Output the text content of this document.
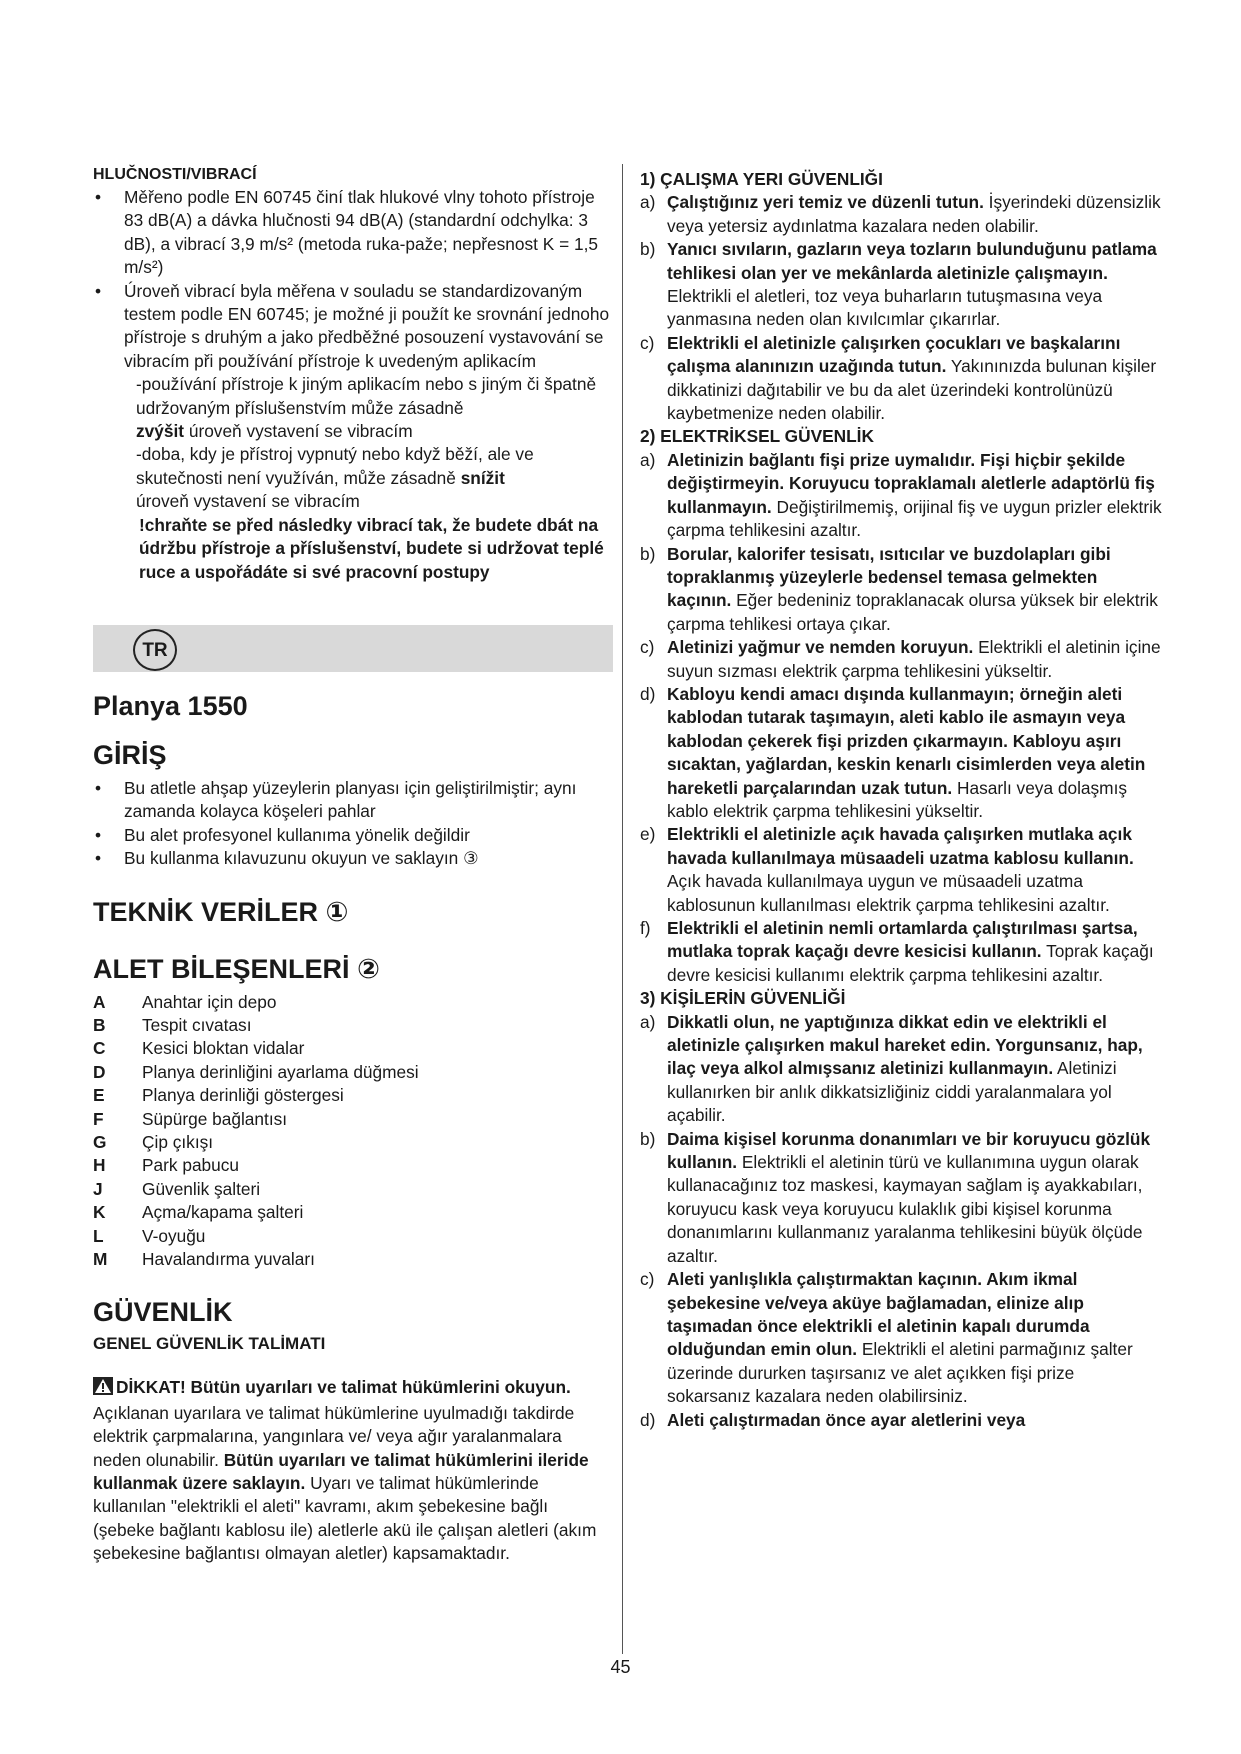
HLUČNOSTI/VIBRACÍ
• Měřeno podle EN 60745 činí tlak hlukové vlny tohoto přístroje 83 dB(A) a dávka hlučnosti 94 dB(A) (standardní odchylka: 3 dB), a vibrací 3,9 m/s² (metoda ruka-paže; nepřesnost K = 1,5 m/s²)
• Úroveň vibrací byla měřena v souladu se standardizovaným testem podle EN 60745; je možné ji použít ke srovnání jednoho přístroje s druhým a jako předběžné posouzení vystavování se vibracím při používání přístroje k uvedeným aplikacím
-používání přístroje k jiným aplikacím nebo s jiným či špatně udržovaným příslušenstvím může zásadně
zvýšit úroveň vystavení se vibracím
-doba, kdy je přístroj vypnutý nebo když běží, ale ve skutečnosti není využíván, může zásadně snížit
úroveň vystavení se vibracím
!chraňte se před následky vibrací tak, že budete dbát na údržbu přístroje a příslušenství, budete si udržovat teplé ruce a uspořádáte si své pracovní postupy
TR
Planya 1550
GİRİŞ
• Bu atletle ahşap yüzeylerin planyası için geliştirilmiştir; aynı zamanda kolayca köşeleri pahlar
• Bu alet profesyonel kullanıma yönelik değildir
• Bu kullanma kılavuzunu okuyun ve saklayın ③
TEKNİK VERİLER ①
ALET BİLEŞENLERİ ②
A	Anahtar için depo
B	Tespit cıvatası
C	Kesici bloktan vidalar
D	Planya derinliğini ayarlama düğmesi
E	Planya derinliği göstergesi
F	Süpürge bağlantısı
G	Çip çıkışı
H	Park pabucu
J	Güvenlik şalteri
K	Açma/kapama şalteri
L	V-oyuğu
M	Havalandırma yuvaları
GÜVENLİK
GENEL GÜVENLİK TALİMATI
DİKKAT! Bütün uyarıları ve talimat hükümlerini okuyun. Açıklanan uyarılara ve talimat hükümlerine uyulmadığı takdirde elektrik çarpmalarına, yangınlara ve/ veya ağır yaralanmalara neden olunabilir. Bütün uyarıları ve talimat hükümlerini ileride kullanmak üzere saklayın. Uyarı ve talimat hükümlerinde kullanılan "elektrikli el aleti" kavramı, akım şebekesine bağlı (şebeke bağlantı kablosu ile) aletlerle akü ile çalışan aletleri (akım şebekesine bağlantısı olmayan aletler) kapsamaktadır.
1) ÇALIŞMA YERI GÜVENLIĞI
a) Çalıştığınız yeri temiz ve düzenli tutun. İşyerindeki düzensizlik veya yetersiz aydınlatma kazalara neden olabilir.
b) Yanıcı sıvıların, gazların veya tozların bulunduğunu patlama tehlikesi olan yer ve mekânlarda aletinizle çalışmayın. Elektrikli el aletleri, toz veya buharların tutuşmasına veya yanmasına neden olan kıvılcımlar çıkarırlar.
c) Elektrikli el aletinizle çalışırken çocukları ve başkalarını çalışma alanınızın uzağında tutun. Yakınınızda bulunan kişiler dikkatinizi dağıtabilir ve bu da alet üzerindeki kontrolünüzü kaybetmenize neden olabilir.
2) ELEKTRİKSEL GÜVENLİK
a) Aletinizin bağlantı fişi prize uymalıdır. Fişi hiçbir şekilde değiştirmeyin. Koruyucu topraklamalı aletlerle adaptörlü fiş kullanmayın. Değiştirilmemiş, orijinal fiş ve uygun prizler elektrik çarpma tehlikesini azaltır.
b) Borular, kalorifer tesisatı, ısıtıcılar ve buzdolapları gibi topraklanmış yüzeylerle bedensel temasa gelmekten kaçının. Eğer bedeniniz topraklanacak olursa yüksek bir elektrik çarpma tehlikesi ortaya çıkar.
c) Aletinizi yağmur ve nemden koruyun. Elektrikli el aletinin içine suyun sızması elektrik çarpma tehlikesini yükseltir.
d) Kabloyu kendi amacı dışında kullanmayın; örneğin aleti kablodan tutarak taşımayın, aleti kablo ile asmayın veya kablodan çekerek fişi prizden çıkarmayın. Kabloyu aşırı sıcaktan, yağlardan, keskin kenarlı cisimlerden veya aletin hareketli parçalarından uzak tutun. Hasarlı veya dolaşmış kablo elektrik çarpma tehlikesini yükseltir.
e) Elektrikli el aletinizle açık havada çalışırken mutlaka açık havada kullanılmaya müsaadeli uzatma kablosu kullanın. Açık havada kullanılmaya uygun ve müsaadeli uzatma kablosunun kullanılması elektrik çarpma tehlikesini azaltır.
f) Elektrikli el aletinin nemli ortamlarda çalıştırılması şartsa, mutlaka toprak kaçağı devre kesicisi kullanın. Toprak kaçağı devre kesicisi kullanımı elektrik çarpma tehlikesini azaltır.
3) KİŞİLERİN GÜVENLİĞİ
a) Dikkatli olun, ne yaptığınıza dikkat edin ve elektrikli el aletinizle çalışırken makul hareket edin. Yorgunsanız, hap, ilaç veya alkol almışsanız aletinizi kullanmayın. Aletinizi kullanırken bir anlık dikkatsizliğiniz ciddi yaralanmalara yol açabilir.
b) Daima kişisel korunma donanımları ve bir koruyucu gözlük kullanın. Elektrikli el aletinin türü ve kullanımına uygun olarak kullanacağınız toz maskesi, kaymayan sağlam iş ayakkabıları, koruyucu kask veya koruyucu kulaklık gibi kişisel korunma donanımlarını kullanmanız yaralanma tehlikesini büyük ölçüde azaltır.
c) Aleti yanlışlıkla çalıştırmaktan kaçının. Akım ikmal şebekesine ve/veya aküye bağlamadan, elinize alıp taşımadan önce elektrikli el aletinin kapalı durumda olduğundan emin olun. Elektrikli el aletini parmağınız şalter üzerinde dururken taşırsanız ve alet açıkken fişi prize sokarsanız kazalara neden olabilirsiniz.
d) Aleti çalıştırmadan önce ayar aletlerini veya
45
